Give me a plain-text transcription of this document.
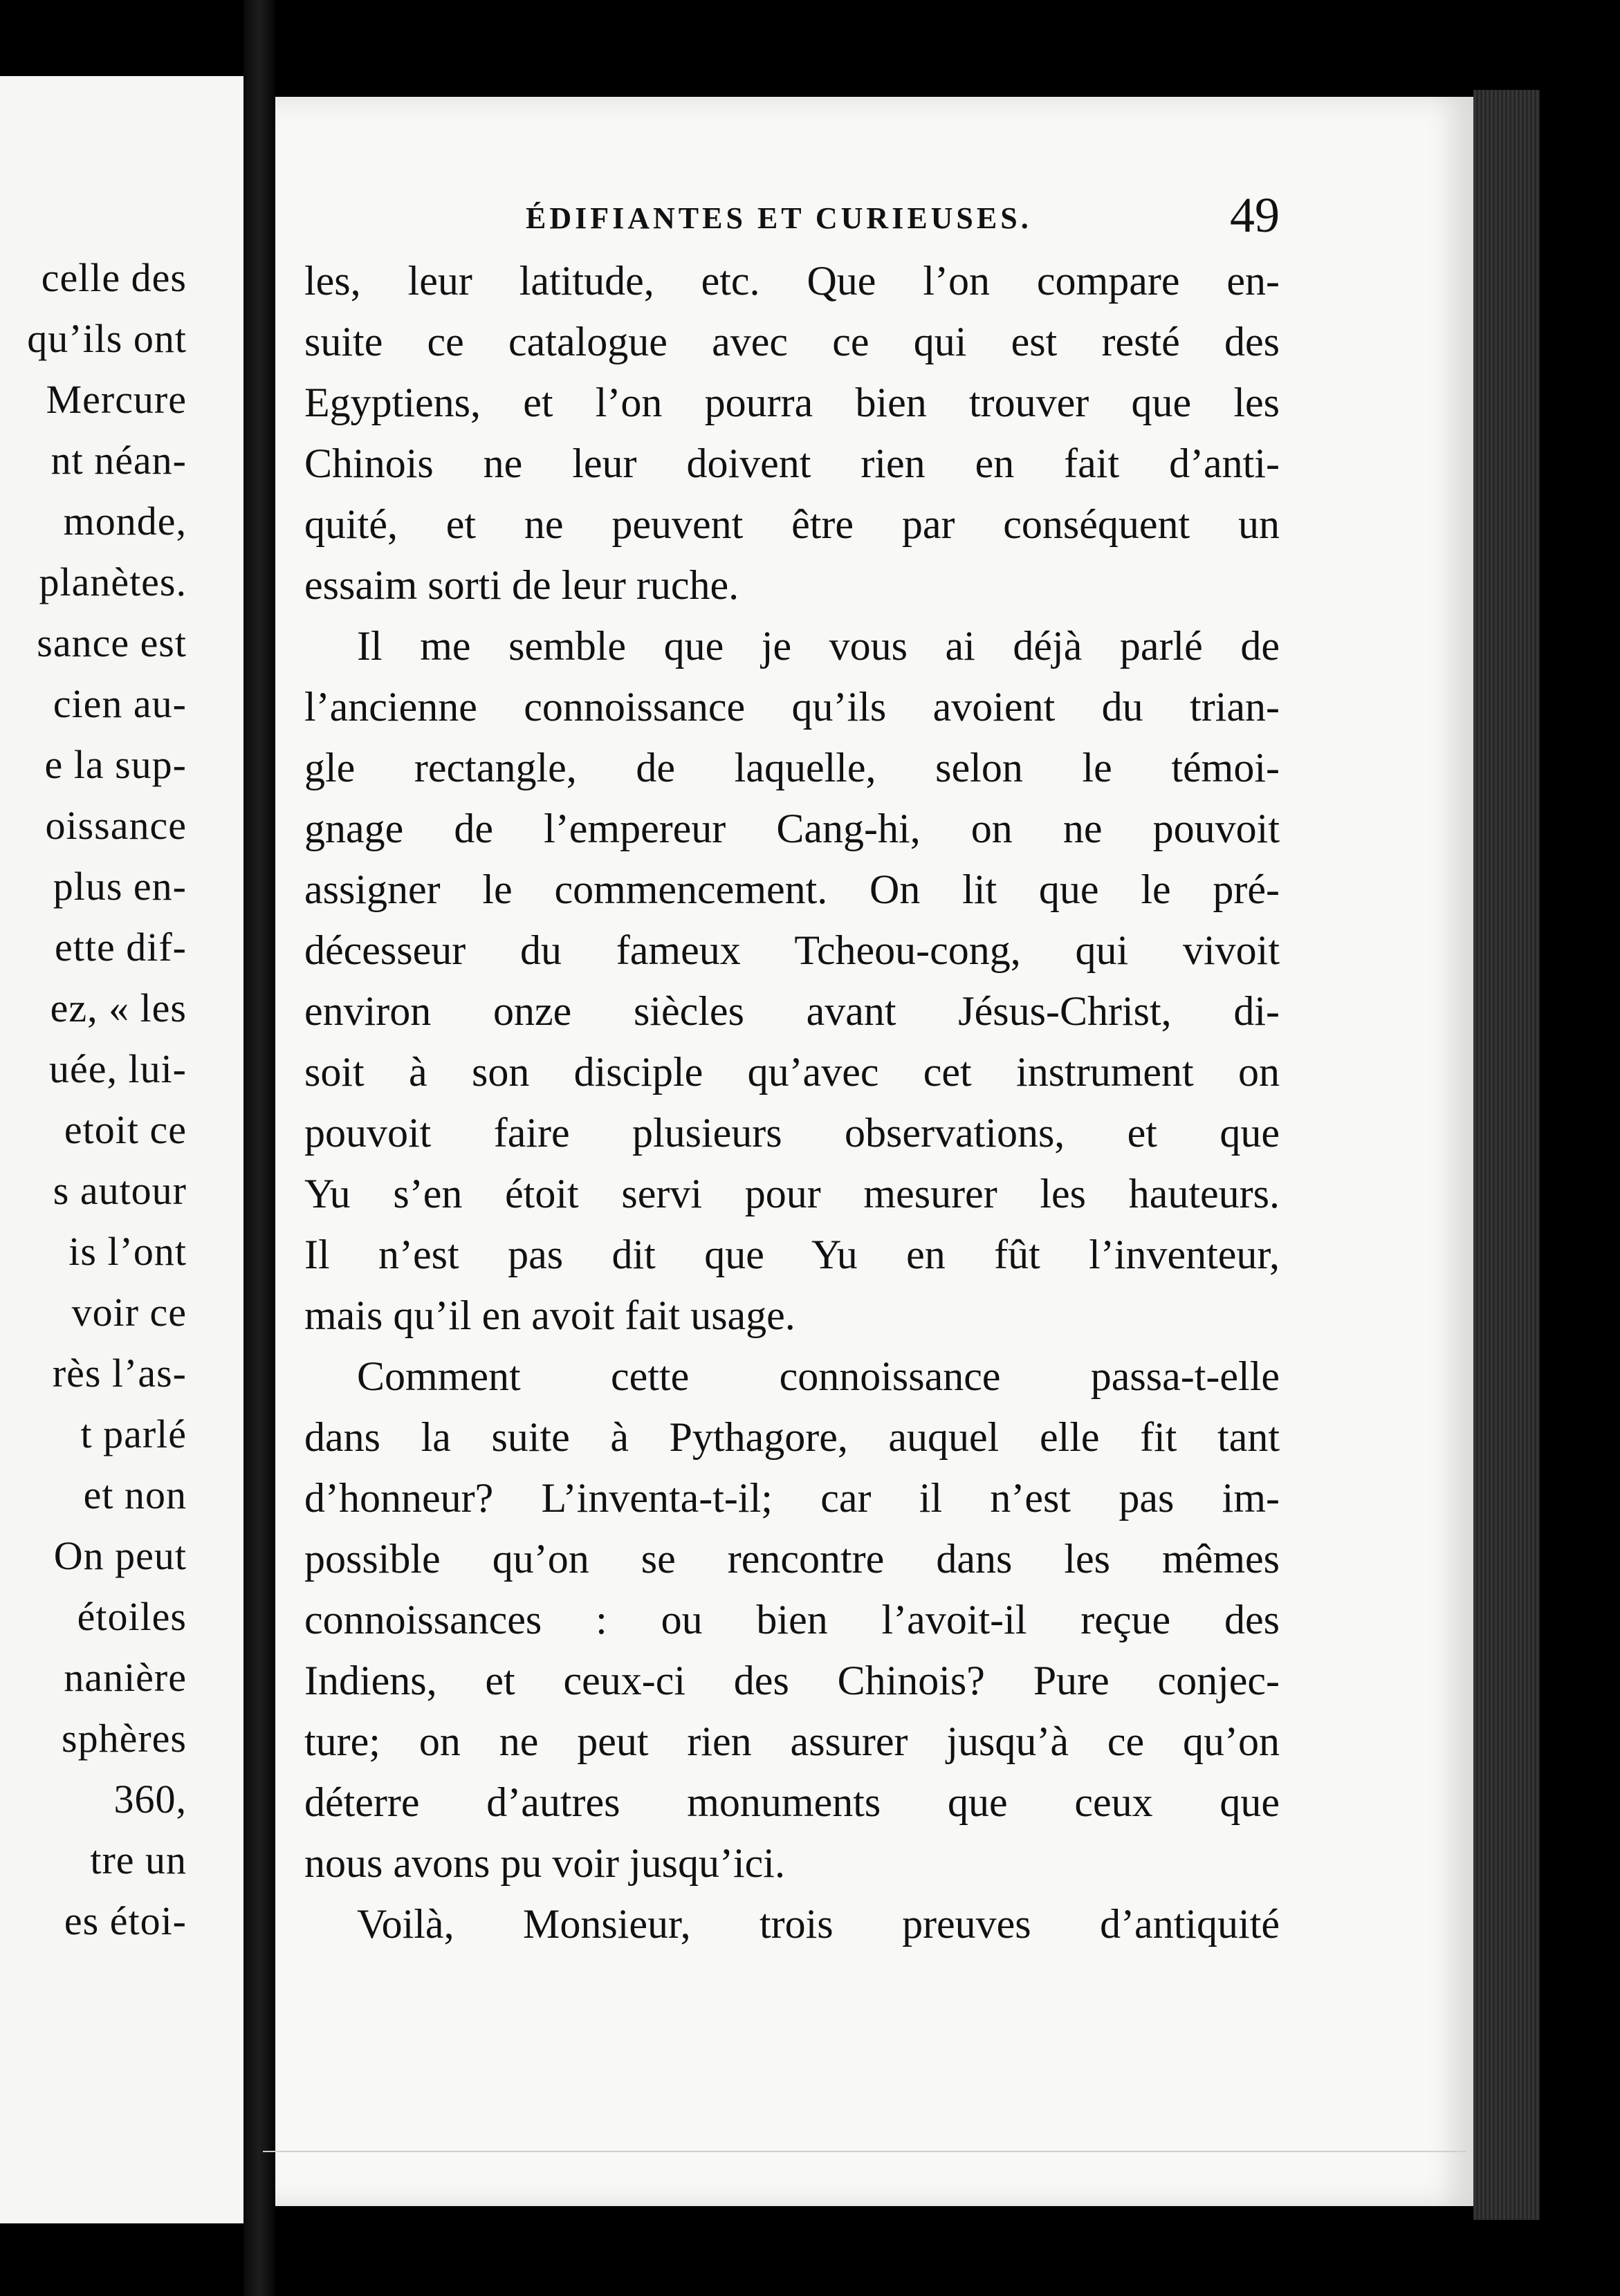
celle des
qu’ils ont
Mercure
nt néan-
monde,
planètes.
sance est
cien au-
e la sup-
oissance
plus en-
ette dif-
ez, « les
uée, lui-
etoit ce
s autour
is l’ont
voir ce
rès l’as-
t parlé
et non
On peut
étoiles
nanière
sphères
360,
tre un
es étoi-
ÉDIFIANTES ET CURIEUSES.	49
les, leur latitude, etc. Que l’on compare en-
suite ce catalogue avec ce qui est resté des
Egyptiens, et l’on pourra bien trouver que les
Chinois ne leur doivent rien en fait d’anti-
quité, et ne peuvent être par conséquent un
essaim sorti de leur ruche.
Il me semble que je vous ai déjà parlé de
l’ancienne connoissance qu’ils avoient du trian-
gle rectangle, de laquelle, selon le témoi-
gnage de l’empereur Cang-hi, on ne pouvoit
assigner le commencement. On lit que le pré-
décesseur du fameux Tcheou-cong, qui vivoit
environ onze siècles avant Jésus-Christ, di-
soit à son disciple qu’avec cet instrument on
pouvoit faire plusieurs observations, et que
Yu s’en étoit servi pour mesurer les hauteurs.
Il n’est pas dit que Yu en fût l’inventeur,
mais qu’il en avoit fait usage.
Comment cette connoissance passa-t-elle
dans la suite à Pythagore, auquel elle fit tant
d’honneur? L’inventa-t-il; car il n’est pas im-
possible qu’on se rencontre dans les mêmes
connoissances : ou bien l’avoit-il reçue des
Indiens, et ceux-ci des Chinois? Pure conjec-
ture; on ne peut rien assurer jusqu’à ce qu’on
déterre d’autres monuments que ceux que
nous avons pu voir jusqu’ici.
Voilà, Monsieur, trois preuves d’antiquité
